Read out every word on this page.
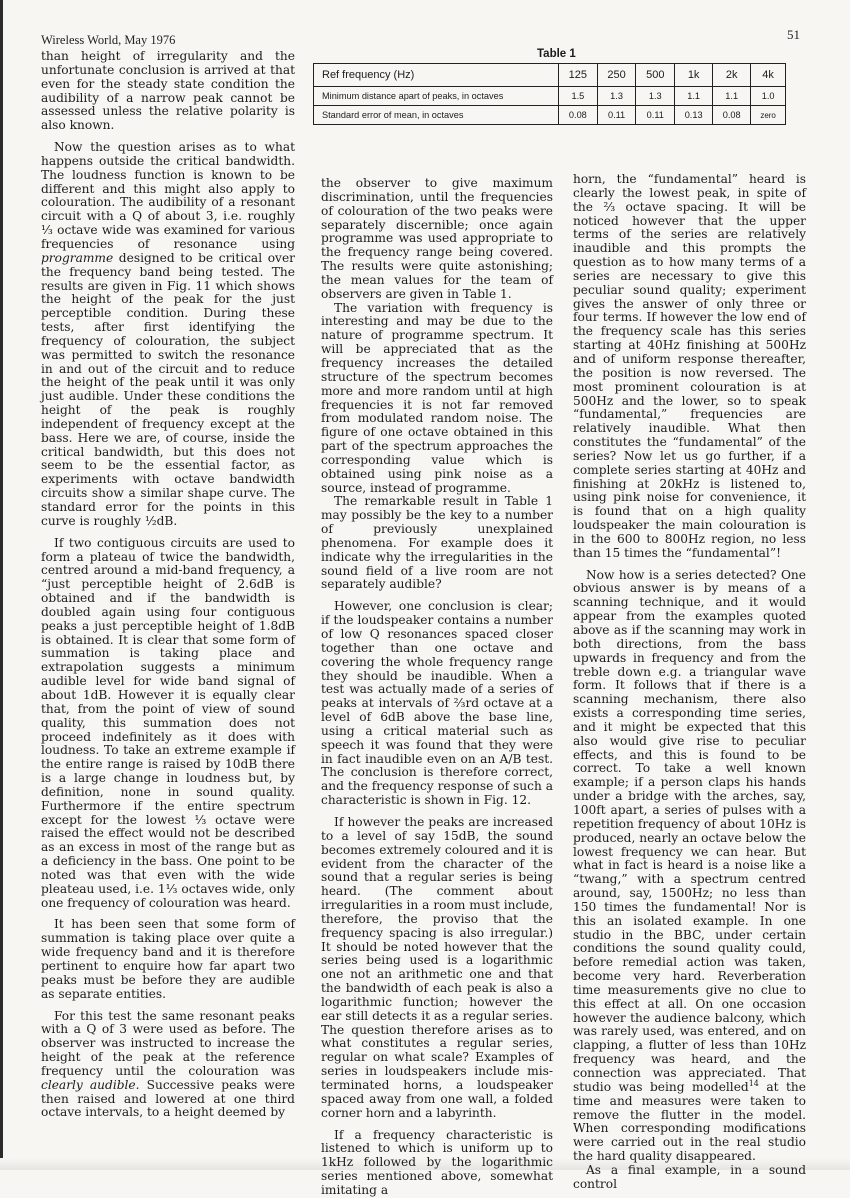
Wireless World, May 1976	51
Table 1
Ref frequency (Hz)	125	250	500	1k	2k	4k
Minimum distance apart of peaks, in octaves	1.5	1.3	1.3	1.1	1.1	1.0
Standard error of mean, in octaves	0.08	0.11	0.11	0.13	0.08	zero

than height of irregularity and the unfortunate conclusion is arrived at that even for the steady state condition the audibility of a narrow peak cannot be assessed unless the relative polarity is also known.

Now the question arises as to what happens outside the critical bandwidth. The loudness function is known to be different and this might also apply to colouration. The audibility of a resonant circuit with a Q of about 3, i.e. roughly ⅓ octave wide was examined for various frequencies of resonance using programme designed to be critical over the frequency band being tested. The results are given in Fig. 11 which shows the height of the peak for the just perceptible condition. During these tests, after first identifying the frequency of colouration, the subject was permitted to switch the resonance in and out of the circuit and to reduce the height of the peak until it was only just audible. Under these conditions the height of the peak is roughly independent of frequency except at the bass. Here we are, of course, inside the critical bandwidth, but this does not seem to be the essential factor, as experiments with octave bandwidth circuits show a similar shape curve. The standard error for the points in this curve is roughly ½dB.

If two contiguous circuits are used to form a plateau of twice the bandwidth, centred around a mid-band frequency, a “just perceptible height of 2.6dB is obtained and if the bandwidth is doubled again using four contiguous peaks a just perceptible height of 1.8dB is obtained. It is clear that some form of summation is taking place and extrapolation suggests a minimum audible level for wide band signal of about 1dB. However it is equally clear that, from the point of view of sound quality, this summation does not proceed indefinitely as it does with loudness. To take an extreme example if the entire range is raised by 10dB there is a large change in loudness but, by definition, none in sound quality. Furthermore if the entire spectrum except for the lowest ⅓ octave were raised the effect would not be described as an excess in most of the range but as a deficiency in the bass. One point to be noted was that even with the wide pleateau used, i.e. 1⅓ octaves wide, only one frequency of colouration was heard.

It has been seen that some form of summation is taking place over quite a wide frequency band and it is therefore pertinent to enquire how far apart two peaks must be before they are audible as separate entities.

For this test the same resonant peaks with a Q of 3 were used as before. The observer was instructed to increase the height of the peak at the reference frequency until the colouration was clearly audible. Successive peaks were then raised and lowered at one third octave intervals, to a height deemed by

the observer to give maximum discrimination, until the frequencies of colouration of the two peaks were separately discernible; once again programme was used appropriate to the frequency range being covered. The results were quite astonishing; the mean values for the team of observers are given in Table 1.

The variation with frequency is interesting and may be due to the nature of programme spectrum. It will be appreciated that as the frequency increases the detailed structure of the spectrum becomes more and more random until at high frequencies it is not far removed from modulated random noise. The figure of one octave obtained in this part of the spectrum approaches the corresponding value which is obtained using pink noise as a source, instead of programme.

The remarkable result in Table 1 may possibly be the key to a number of previously unexplained phenomena. For example does it indicate why the irregularities in the sound field of a live room are not separately audible?

However, one conclusion is clear; if the loudspeaker contains a number of low Q resonances spaced closer together than one octave and covering the whole frequency range they should be inaudible. When a test was actually made of a series of peaks at intervals of ⅔rd octave at a level of 6dB above the base line, using a critical material such as speech it was found that they were in fact inaudible even on an A/B test. The conclusion is therefore correct, and the frequency response of such a characteristic is shown in Fig. 12.

If however the peaks are increased to a level of say 15dB, the sound becomes extremely coloured and it is evident from the character of the sound that a regular series is being heard. (The comment about irregularities in a room must include, therefore, the proviso that the frequency spacing is also irregular.) It should be noted however that the series being used is a logarithmic one not an arithmetic one and that the bandwidth of each peak is also a logarithmic function; however the ear still detects it as a regular series. The question therefore arises as to what constitutes a regular series, regular on what scale? Examples of series in loudspeakers include mis-terminated horns, a loudspeaker spaced away from one wall, a folded corner horn and a labyrinth.

If a frequency characteristic is listened to which is uniform up to 1kHz followed by the logarithmic series mentioned above, somewhat imitating a

horn, the “fundamental” heard is clearly the lowest peak, in spite of the ⅔ octave spacing. It will be noticed however that the upper terms of the series are relatively inaudible and this prompts the question as to how many terms of a series are necessary to give this peculiar sound quality; experiment gives the answer of only three or four terms. If however the low end of the frequency scale has this series starting at 40Hz finishing at 500Hz and of uniform response thereafter, the position is now reversed. The most prominent colouration is at 500Hz and the lower, so to speak “fundamental,” frequencies are relatively inaudible. What then constitutes the “fundamental” of the series? Now let us go further, if a complete series starting at 40Hz and finishing at 20kHz is listened to, using pink noise for convenience, it is found that on a high quality loudspeaker the main colouration is in the 600 to 800Hz region, no less than 15 times the “fundamental”!

Now how is a series detected? One obvious answer is by means of a scanning technique, and it would appear from the examples quoted above as if the scanning may work in both directions, from the bass upwards in frequency and from the treble down e.g. a triangular wave form. It follows that if there is a scanning mechanism, there also exists a corresponding time series, and it might be expected that this also would give rise to peculiar effects, and this is found to be correct. To take a well known example; if a person claps his hands under a bridge with the arches, say, 100ft apart, a series of pulses with a repetition frequency of about 10Hz is produced, nearly an octave below the lowest frequency we can hear. But what in fact is heard is a noise like a “twang,” with a spectrum centred around, say, 1500Hz; no less than 150 times the fundamental! Nor is this an isolated example. In one studio in the BBC, under certain conditions the sound quality could, before remedial action was taken, become very hard. Reverberation time measurements give no clue to this effect at all. On one occasion however the audience balcony, which was rarely used, was entered, and on clapping, a flutter of less than 10Hz frequency was heard, and the connection was appreciated. That studio was being modelled$^{14}$ at the time and measures were taken to remove the flutter in the model. When corresponding modifications were carried out in the real studio the hard quality disappeared.

As a final example, in a sound control
